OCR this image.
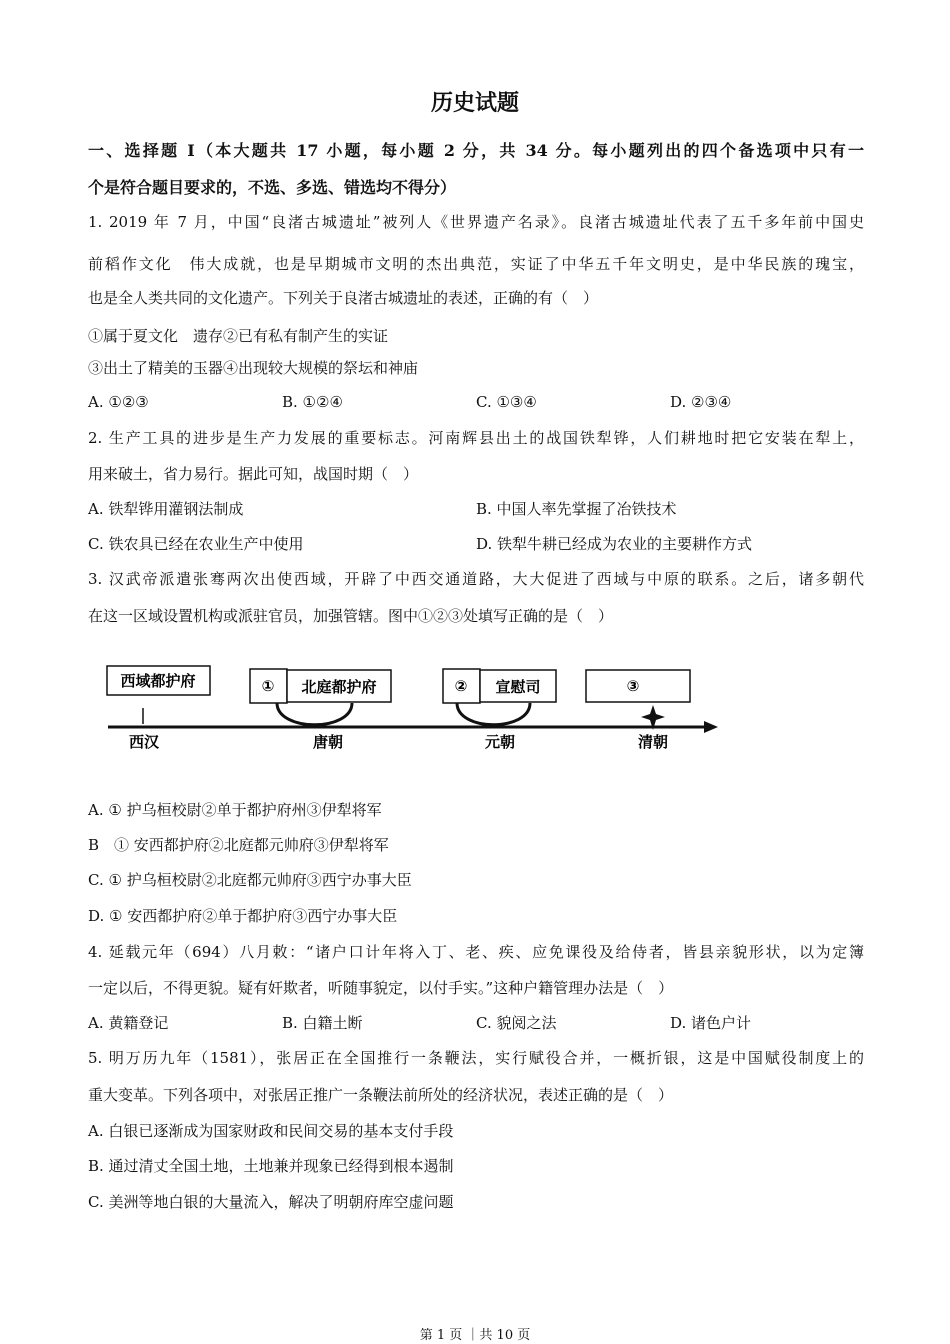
历史试题
一、选择题 I（本大题共 17 小题，每小题 2 分，共 34 分。每小题列出的四个备选项中只有一
个是符合题目要求的，不选、多选、错选均不得分）
1. 2019 年 7 月，中国“良渚古城遗址”被列人《世界遗产名录》。良渚古城遗址代表了五千多年前中国史
前稻作文化　伟大成就，也是早期城市文明的杰出典范，实证了中华五千年文明史，是中华民族的瑰宝，
也是全人类共同的文化遗产。下列关于良渚古城遗址的表述，正确的有（　）
①属于夏文化　遗存②已有私有制产生的实证
③出土了精美的玉器④出现较大规模的祭坛和神庙
A. ①②③	B. ①②④	C. ①③④	D. ②③④
2. 生产工具的进步是生产力发展的重要标志。河南辉县出土的战国铁犁铧，人们耕地时把它安装在犁上，
用来破土，省力易行。据此可知，战国时期（　）
A. 铁犁铧用灌钢法制成	B. 中国人率先掌握了冶铁技术
C. 铁农具已经在农业生产中使用	D. 铁犁牛耕已经成为农业的主要耕作方式
3. 汉武帝派遣张骞两次出使西域，开辟了中西交通道路，大大促进了西域与中原的联系。之后，诸多朝代
在这一区域设置机构或派驻官员，加强管辖。图中①②③处填写正确的是（　）
西域都护府	① 北庭都护府	② 宣慰司	③
西汉	唐朝	元朝	清朝
A. ① 护乌桓校尉②单于都护府州③伊犁将军
B　① 安西都护府②北庭都元帅府③伊犁将军
C. ① 护乌桓校尉②北庭都元帅府③西宁办事大臣
D. ① 安西都护府②单于都护府③西宁办事大臣
4. 延载元年（694）八月敕：“诸户口计年将入丁、老、疾、应免课役及给侍者，皆县亲貌形状，以为定簿
一定以后，不得更貌。疑有奸欺者，听随事貌定，以付手实。”这种户籍管理办法是（　）
A. 黄籍登记	B. 白籍土断	C. 貌阅之法	D. 诸色户计
5. 明万历九年（1581），张居正在全国推行一条鞭法，实行赋役合并，一概折银，这是中国赋役制度上的
重大变革。下列各项中，对张居正推广一条鞭法前所处的经济状况，表述正确的是（　）
A. 白银已逐渐成为国家财政和民间交易的基本支付手段
B. 通过清丈全国土地，土地兼并现象已经得到根本遏制
C. 美洲等地白银的大量流入，解决了明朝府库空虚问题
第 1 页 ｜共 10 页
